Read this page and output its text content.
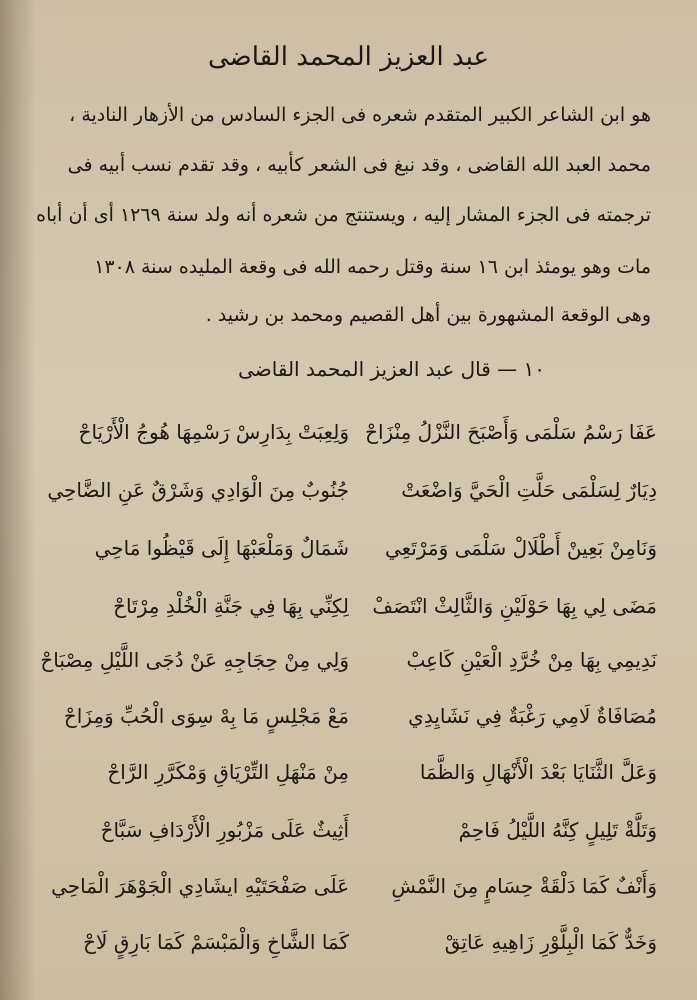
عبد العزيز المحمد القاضى
هو ابن الشاعر الكبير المتقدم شعره فى الجزء السادس من الأزهار النادية ،
محمد العبد الله القاضى ، وقد نبغ فى الشعر كأبيه ، وقد تقدم نسب أبيه فى
ترجمته فى الجزء المشار إليه ، ويستنتج من شعره أنه ولد سنة ١٢٦٩ أى أن أباه
مات وهو يومئذ ابن ١٦ سنة وقتل رحمه الله فى وقعة المليده سنة ١٣٠٨
وهى الوقعة المشهورة بين أهل القصيم ومحمد بن رشيد .
١٠ — قال عبد العزيز المحمد القاضى
عَفَا رَسْمُ سَلْمَى وَأَصْبَحَ النَّزْلُ مِنْزَاحْ
وَلِعِبَتْ بِدَارِسْ رَسْمِهَا هُوجُ الْأَرْيَاحْ
دِيَارٌ لِسَلْمَى حَلَّتِ الْحَيَّ وَاضْعَتْ
جُنُوبٌ مِنَ الْوَادِي وَشَرْقٌ عَنِ الضَّاحِي
وَنَامِنْ بَعِينْ أَطْلَالْ سَلْمَى وَمَرْتَعِي
شَمَالٌ وَمَلْعَبْهَا إِلَى قَيْظُوا مَاحِي
مَضَى لِي بِهَا حَوْلَيْنِ وَالثَّالِثْ انْتَصَفْ
لِكِنِّي بِهَا فِي جَنَّةِ الْخُلْدِ مِرْتَاحْ
نَدِيمِي بِهَا مِنْ خُرَّدِ الْعَيْنِ كَاعِبْ
وَلِي مِنْ حِجَاجِهِ عَنْ دُجَى اللَّيْلِ مِصْبَاحْ
مُصَافَاةٌ لَامِي رَغْبَةٌ فِي نَشَايِدِي
مَعْ مَجْلِسٍ مَا بِهْ سِوَى الْحُبِّ وَمِزَاحْ
وَعَلَّ الثَّنَايَا بَعْدَ الْأَنْهَالِ وَالظَّمَا
مِنْ مَنْهَلِ التِّرْيَاقِ وَمْكَرَّرِ الرَّاحْ
وَتَلَّةْ تَلِيلٍ كِنَّهُ اللَّيْلُ فَاحِمْ
أَثِيثٌ عَلَى مَزْبُورِ الْأَرْدَافِ سَبَّاحْ
وَأَنْفٌ كَمَا دَلْقَةْ حِسَامٍ مِنَ النَّمْشِ
عَلَى صَفْحَتَيْهِ ايشَادِي الْجَوْهَرَ الْمَاحِي
وَخَدٌّ كَمَا الْبِلَّوْرِ زَاهِيهِ عَاتِقْ
كَمَا الشَّاخِ وَالْمَبْسَمْ كَمَا بَارِقٍ لَاحْ
